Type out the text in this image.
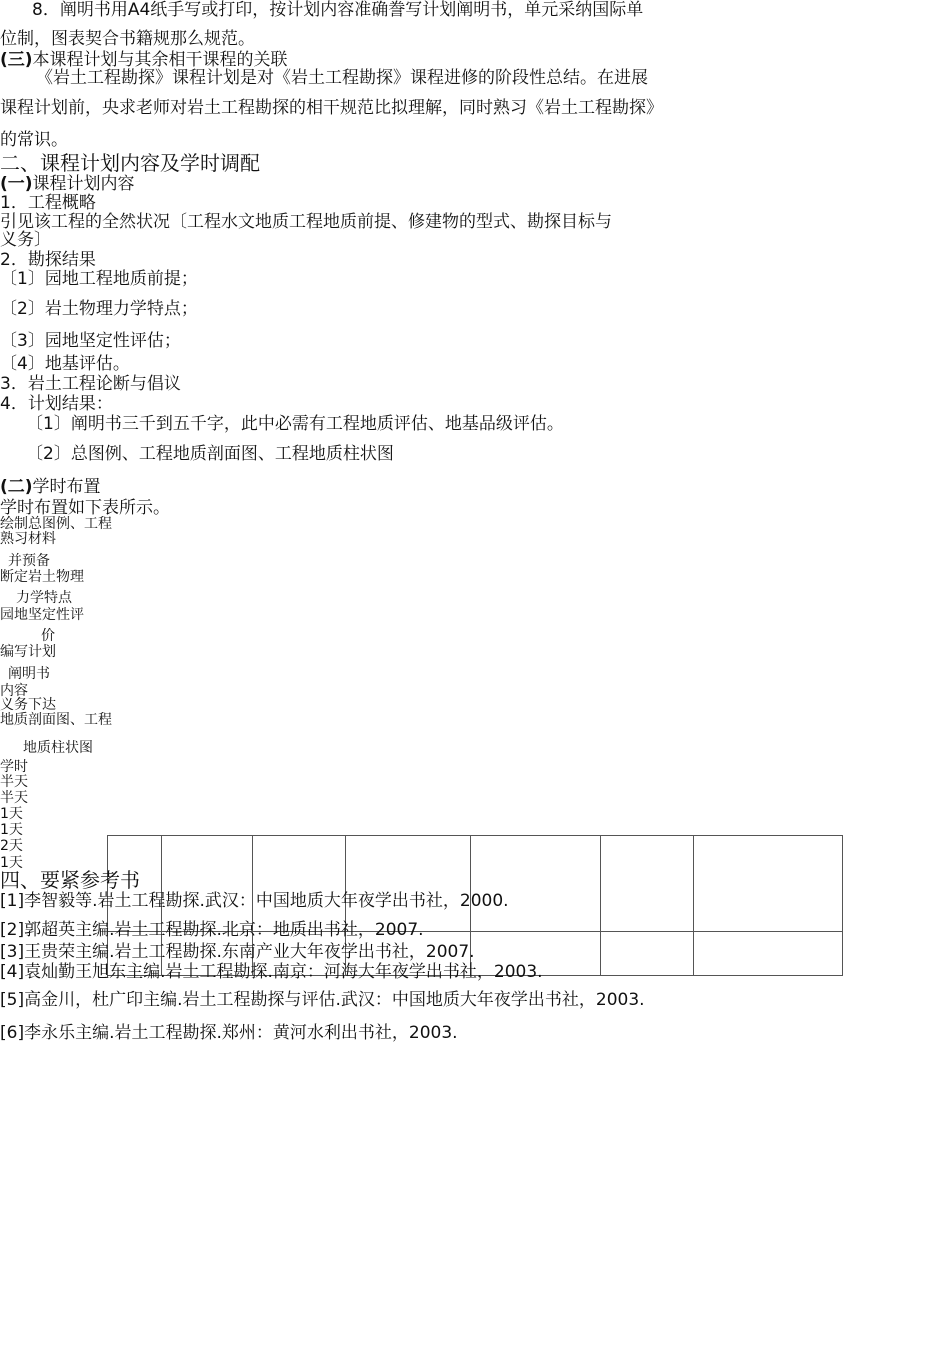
8．阐明书用A4纸手写或打印，按计划内容准确誊写计划阐明书，单元采纳国际单
位制，图表契合书籍规那么规范。
(三)本课程计划与其余相干课程的关联
《岩土工程勘探》课程计划是对《岩土工程勘探》课程进修的阶段性总结。在进展
课程计划前，央求老师对岩土工程勘探的相干规范比拟理解，同时熟习《岩土工程勘探》
的常识。
二、课程计划内容及学时调配
(一)课程计划内容
1．工程概略
引见该工程的全然状况〔工程水文地质工程地质前提、修建物的型式、勘探目标与
义务〕
2．勘探结果
〔1〕园地工程地质前提；
〔2〕岩土物理力学特点；
〔3〕园地坚定性评估；
〔4〕地基评估。
3．岩土工程论断与倡议
4．计划结果：
〔1〕阐明书三千到五千字，此中必需有工程地质评估、地基品级评估。
〔2〕总图例、工程地质剖面图、工程地质柱状图
(二)学时布置
学时布置如下表所示。
绘制总图例、工程
熟习材料
并预备
断定岩土物理
力学特点
园地坚定性评
价
编写计划
阐明书
内容
义务下达
地质剖面图、工程
地质柱状图
学时
半天
半天
1天
1天
2天
1天
四、要紧参考书
[1]李智毅等.岩土工程勘探.武汉：中国地质大年夜学出书社，2000.
[2]郭超英主编.岩土工程勘探.北京：地质出书社，2007.
[3]王贵荣主编.岩土工程勘探.东南产业大年夜学出书社，2007.
[4]袁灿勤王旭东主编.岩土工程勘探.南京：河海大年夜学出书社，2003.
[5]高金川，杜广印主编.岩土工程勘探与评估.武汉：中国地质大年夜学出书社，2003.
[6]李永乐主编.岩土工程勘探.郑州：黄河水利出书社，2003.
